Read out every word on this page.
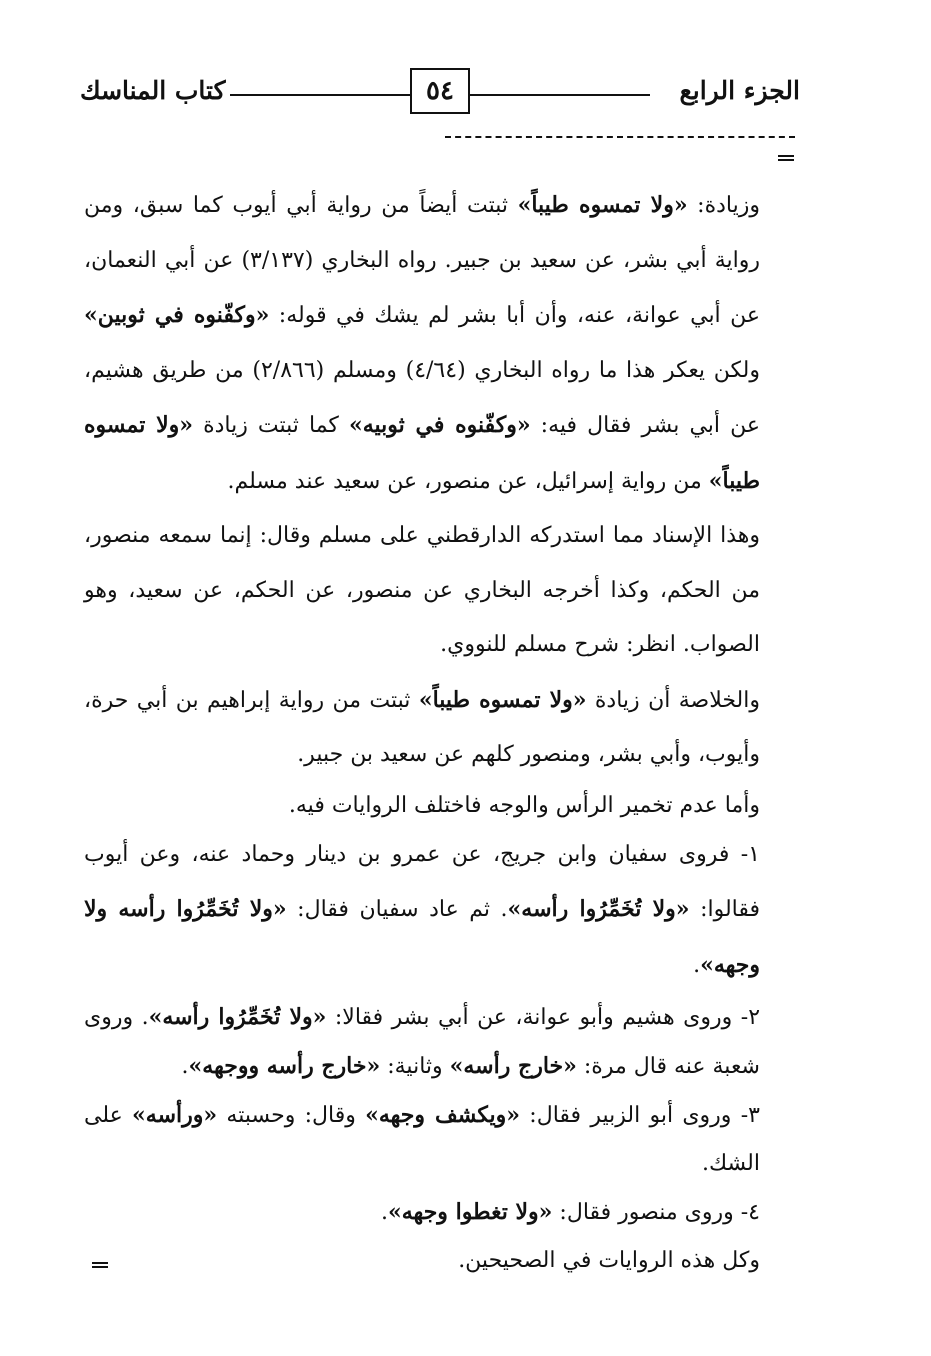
الجزء الرابع
٥٤
كتاب المناسك

وزيادة: «ولا تمسوه طيباً» ثبتت أيضاً من رواية أبي أيوب كما سبق، ومن رواية أبي بشر، عن سعيد بن جبير. رواه البخاري (٣/١٣٧) عن أبي النعمان، عن أبي عوانة، عنه، وأن أبا بشر لم يشك في قوله: «وكفّنوه في ثوبين» ولكن يعكر هذا ما رواه البخاري (٤/٦٤) ومسلم (٢/٨٦٦) من طريق هشيم، عن أبي بشر فقال فيه: «وكفّنوه في ثوبيه» كما ثبتت زيادة «ولا تمسوه طيباً» من رواية إسرائيل، عن منصور، عن سعيد عند مسلم.

وهذا الإسناد مما استدركه الدارقطني على مسلم وقال: إنما سمعه منصور، من الحكم، وكذا أخرجه البخاري عن منصور، عن الحكم، عن سعيد، وهو الصواب. انظر: شرح مسلم للنووي.

والخلاصة أن زيادة «ولا تمسوه طيباً» ثبتت من رواية إبراهيم بن أبي حرة، وأيوب، وأبي بشر، ومنصور كلهم عن سعيد بن جبير.

وأما عدم تخمير الرأس والوجه فاختلف الروايات فيه.

١- فروى سفيان وابن جريج، عن عمرو بن دينار وحماد عنه، وعن أيوب فقالوا: «ولا تُخَمِّرُوا رأسه». ثم عاد سفيان فقال: «ولا تُخَمِّرُوا رأسه ولا وجهه».

٢- وروى هشيم وأبو عوانة، عن أبي بشر فقالا: «ولا تُخَمِّرُوا رأسه». وروى شعبة عنه قال مرة: «خارج رأسه» وثانية: «خارج رأسه ووجهه».

٣- وروى أبو الزبير فقال: «ويكشف وجهه» وقال: وحسبته «ورأسه» على الشك.

٤- وروى منصور فقال: «ولا تغطوا وجهه».

وكل هذه الروايات في الصحيحين.
